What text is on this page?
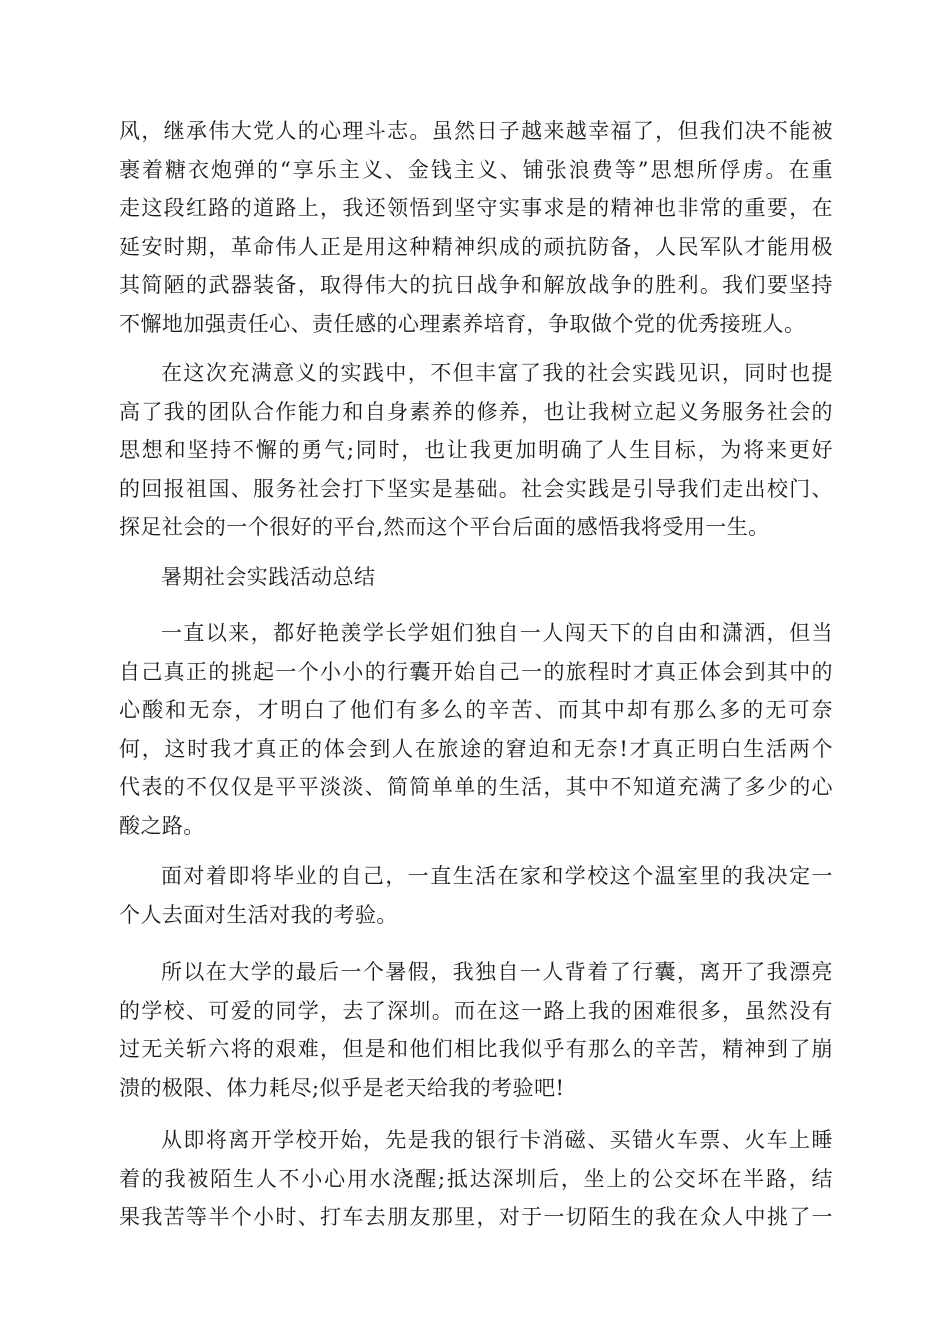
风，继承伟大党人的心理斗志。虽然日子越来越幸福了，但我们决不能被
裹着糖衣炮弹的“享乐主义、金钱主义、铺张浪费等”思想所俘虏。在重
走这段红路的道路上，我还领悟到坚守实事求是的精神也非常的重要，在
延安时期，革命伟人正是用这种精神织成的顽抗防备，人民军队才能用极
其简陋的武器装备，取得伟大的抗日战争和解放战争的胜利。我们要坚持
不懈地加强责任心、责任感的心理素养培育，争取做个党的优秀接班人。
在这次充满意义的实践中，不但丰富了我的社会实践见识，同时也提
高了我的团队合作能力和自身素养的修养，也让我树立起义务服务社会的
思想和坚持不懈的勇气;同时，也让我更加明确了人生目标，为将来更好
的回报祖国、服务社会打下坚实是基础。社会实践是引导我们走出校门、
探足社会的一个很好的平台,然而这个平台后面的感悟我将受用一生。
暑期社会实践活动总结
一直以来，都好艳羡学长学姐们独自一人闯天下的自由和潇洒，但当
自己真正的挑起一个小小的行囊开始自己一的旅程时才真正体会到其中的
心酸和无奈，才明白了他们有多么的辛苦、而其中却有那么多的无可奈
何，这时我才真正的体会到人在旅途的窘迫和无奈!才真正明白生活两个
代表的不仅仅是平平淡淡、简简单单的生活，其中不知道充满了多少的心
酸之路。
面对着即将毕业的自己，一直生活在家和学校这个温室里的我决定一
个人去面对生活对我的考验。
所以在大学的最后一个暑假，我独自一人背着了行囊，离开了我漂亮
的学校、可爱的同学，去了深圳。而在这一路上我的困难很多，虽然没有
过无关斩六将的艰难，但是和他们相比我似乎有那么的辛苦，精神到了崩
溃的极限、体力耗尽;似乎是老天给我的考验吧!
从即将离开学校开始，先是我的银行卡消磁、买错火车票、火车上睡
着的我被陌生人不小心用水浇醒;抵达深圳后，坐上的公交坏在半路，结
果我苦等半个小时、打车去朋友那里，对于一切陌生的我在众人中挑了一
